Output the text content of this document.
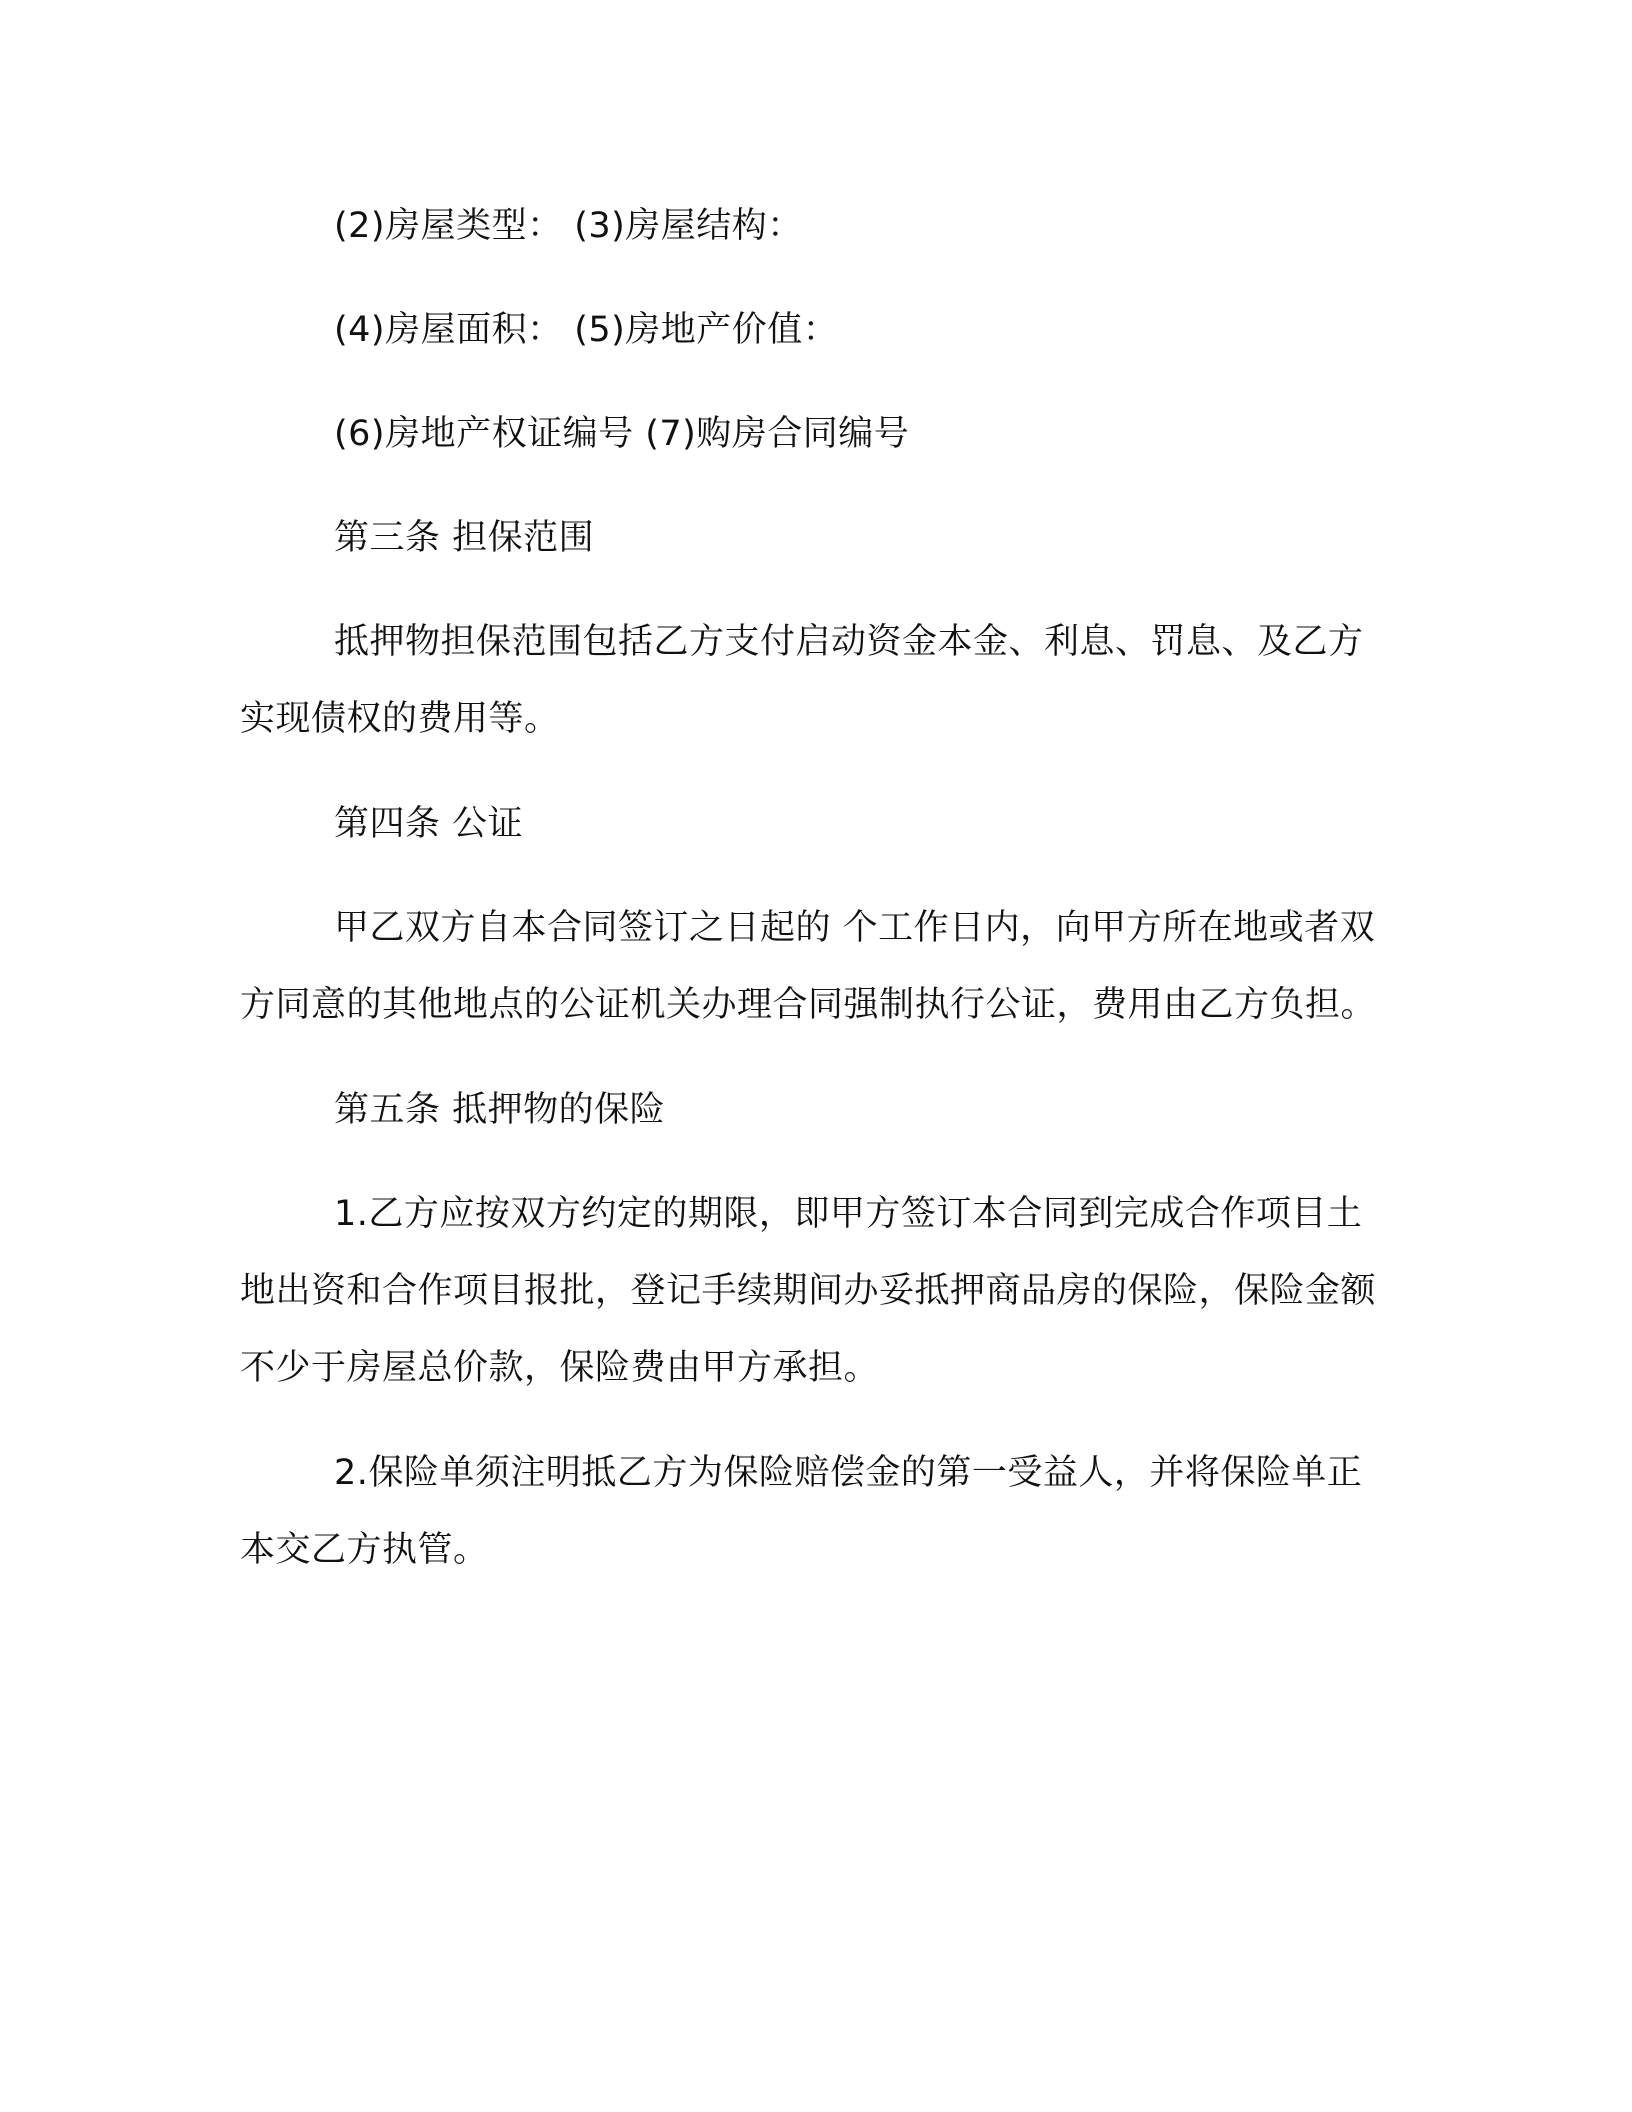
(2)房屋类型： (3)房屋结构：

(4)房屋面积： (5)房地产价值：

(6)房地产权证编号 (7)购房合同编号

第三条 担保范围

抵押物担保范围包括乙方支付启动资金本金、利息、罚息、及乙方实现债权的费用等。

第四条 公证

甲乙双方自本合同签订之日起的 个工作日内，向甲方所在地或者双方同意的其他地点的公证机关办理合同强制执行公证，费用由乙方负担。

第五条 抵押物的保险

1.乙方应按双方约定的期限，即甲方签订本合同到完成合作项目土地出资和合作项目报批，登记手续期间办妥抵押商品房的保险，保险金额不少于房屋总价款，保险费由甲方承担。

2.保险单须注明抵乙方为保险赔偿金的第一受益人，并将保险单正本交乙方执管。
